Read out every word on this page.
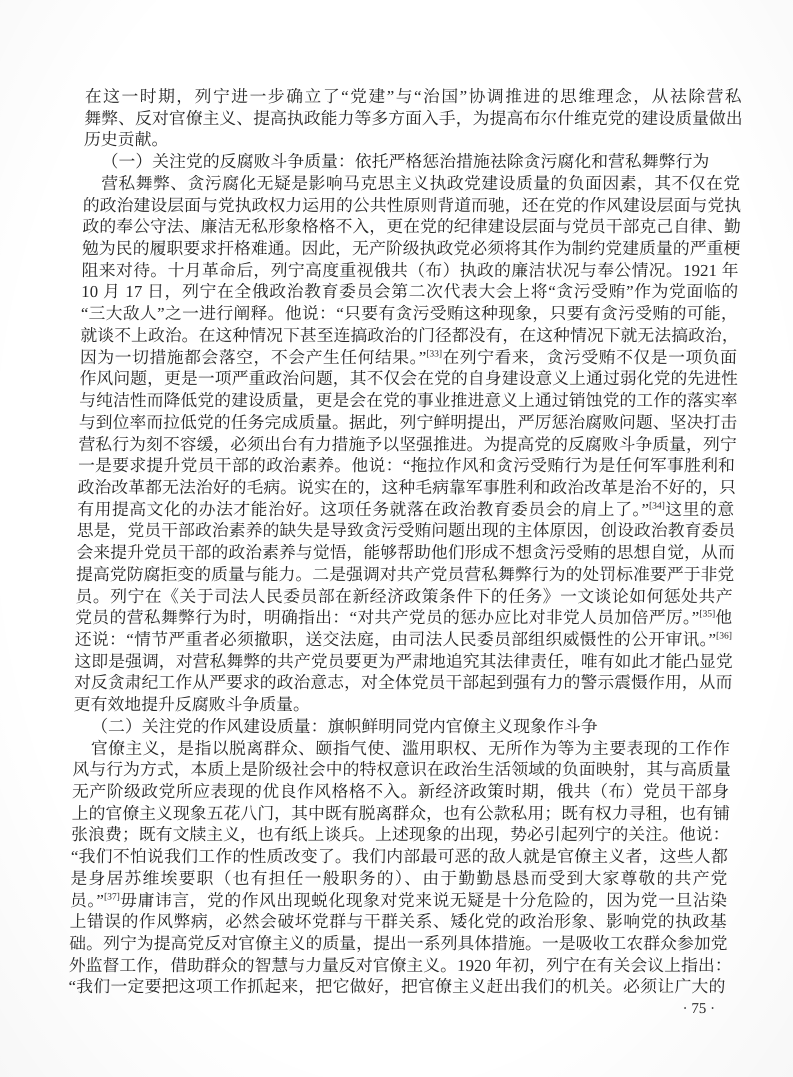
在这一时期，列宁进一步确立了“党建”与“治国”协调推进的思维理念，从祛除营私
舞弊、反对官僚主义、提高执政能力等多方面入手，为提高布尔什维克党的建设质量做出
历史贡献。
（一）关注党的反腐败斗争质量：依托严格惩治措施祛除贪污腐化和营私舞弊行为
营私舞弊、贪污腐化无疑是影响马克思主义执政党建设质量的负面因素，其不仅在党
的政治建设层面与党执政权力运用的公共性原则背道而驰，还在党的作风建设层面与党执
政的奉公守法、廉洁无私形象格格不入，更在党的纪律建设层面与党员干部克己自律、勤
勉为民的履职要求扞格难通。因此，无产阶级执政党必须将其作为制约党建质量的严重梗
阻来对待。十月革命后，列宁高度重视俄共（布）执政的廉洁状况与奉公情况。1921 年
10 月 17 日，列宁在全俄政治教育委员会第二次代表大会上将“贪污受贿”作为党面临的
“三大敌人”之一进行阐释。他说：“只要有贪污受贿这种现象，只要有贪污受贿的可能，
就谈不上政治。在这种情况下甚至连搞政治的门径都没有，在这种情况下就无法搞政治，
因为一切措施都会落空，不会产生任何结果。”[33]在列宁看来，贪污受贿不仅是一项负面
作风问题，更是一项严重政治问题，其不仅会在党的自身建设意义上通过弱化党的先进性
与纯洁性而降低党的建设质量，更是会在党的事业推进意义上通过销蚀党的工作的落实率
与到位率而拉低党的任务完成质量。据此，列宁鲜明提出，严厉惩治腐败问题、坚决打击
营私行为刻不容缓，必须出台有力措施予以坚强推进。为提高党的反腐败斗争质量，列宁
一是要求提升党员干部的政治素养。他说：“拖拉作风和贪污受贿行为是任何军事胜利和
政治改革都无法治好的毛病。说实在的，这种毛病靠军事胜利和政治改革是治不好的，只
有用提高文化的办法才能治好。这项任务就落在政治教育委员会的肩上了。”[34]这里的意
思是，党员干部政治素养的缺失是导致贪污受贿问题出现的主体原因，创设政治教育委员
会来提升党员干部的政治素养与觉悟，能够帮助他们形成不想贪污受贿的思想自觉，从而
提高党防腐拒变的质量与能力。二是强调对共产党员营私舞弊行为的处罚标准要严于非党
员。列宁在《关于司法人民委员部在新经济政策条件下的任务》一文谈论如何惩处共产
党员的营私舞弊行为时，明确指出：“对共产党员的惩办应比对非党人员加倍严厉。”[35]他
还说：“情节严重者必须撤职，送交法庭，由司法人民委员部组织威慑性的公开审讯。”[36]
这即是强调，对营私舞弊的共产党员要更为严肃地追究其法律责任，唯有如此才能凸显党
对反贪肃纪工作从严要求的政治意志，对全体党员干部起到强有力的警示震慑作用，从而
更有效地提升反腐败斗争质量。
（二）关注党的作风建设质量：旗帜鲜明同党内官僚主义现象作斗争
官僚主义，是指以脱离群众、颐指气使、滥用职权、无所作为等为主要表现的工作作
风与行为方式，本质上是阶级社会中的特权意识在政治生活领域的负面映射，其与高质量
无产阶级政党所应表现的优良作风格格不入。新经济政策时期，俄共（布）党员干部身
上的官僚主义现象五花八门，其中既有脱离群众，也有公款私用；既有权力寻租，也有铺
张浪费；既有文牍主义，也有纸上谈兵。上述现象的出现，势必引起列宁的关注。他说：
“我们不怕说我们工作的性质改变了。我们内部最可恶的敌人就是官僚主义者，这些人都
是身居苏维埃要职（也有担任一般职务的）、由于勤勤恳恳而受到大家尊敬的共产党
员。”[37]毋庸讳言，党的作风出现蜕化现象对党来说无疑是十分危险的，因为党一旦沾染
上错误的作风弊病，必然会破坏党群与干群关系、矮化党的政治形象、影响党的执政基
础。列宁为提高党反对官僚主义的质量，提出一系列具体措施。一是吸收工农群众参加党
外监督工作，借助群众的智慧与力量反对官僚主义。1920 年初，列宁在有关会议上指出：
“我们一定要把这项工作抓起来，把它做好，把官僚主义赶出我们的机关。必须让广大的
· 75 ·
